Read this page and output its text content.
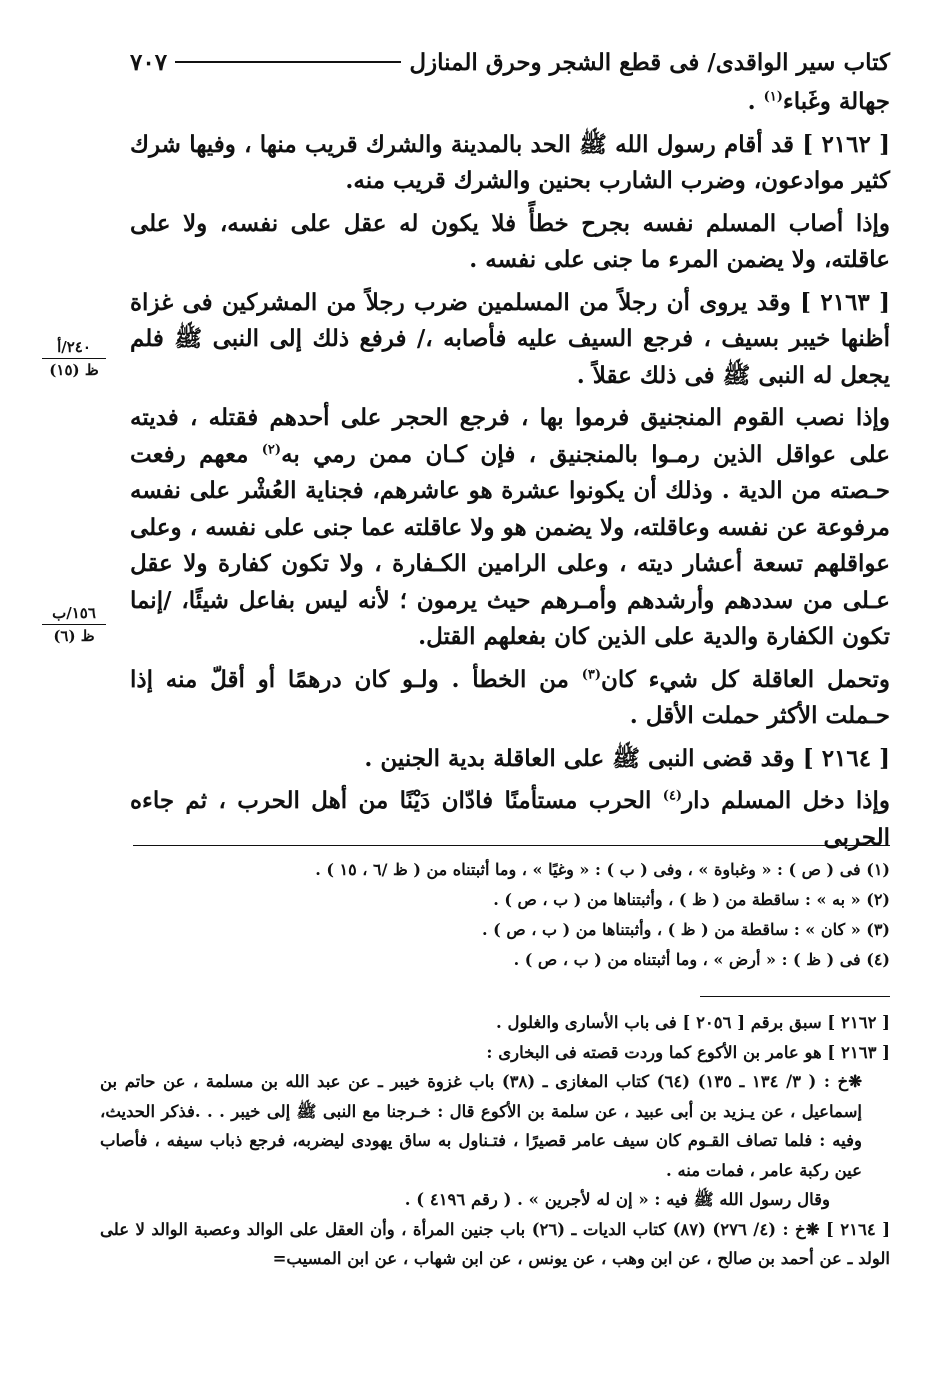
كتاب سير الواقدى/ فى قطع الشجر وحرق المنازل
٧٠٧

جهالة وغَباء$^{(١)}$ .

[ ٢١٦٢ ] قد أقام رسول الله ﷺ الحد بالمدينة والشرك قريب منها ، وفيها شرك كثير موادعون، وضرب الشارب بحنين والشرك قريب منه.

وإذا أصاب المسلم نفسه بجرح خطأً فلا يكون له عقل على نفسه، ولا على عاقلته، ولا يضمن المرء ما جنى على نفسه .

[ ٢١٦٣ ] وقد يروى أن رجلاً من المسلمين ضرب رجلاً من المشركين فى غزاة أظنها خيبر بسيف ، فرجع السيف عليه فأصابه ،/ فرفع ذلك إلى النبى ﷺ فلم يجعل له النبى ﷺ فى ذلك عقلاً .

وإذا نصب القوم المنجنيق فرموا بها ، فرجع الحجر على أحدهم فقتله ، فديته على عواقل الذين رمـوا بالمنجنيق ، فإن كـان ممن رمي به$^{(٢)}$ معهم رفعت حـصته من الدية . وذلك أن يكونوا عشرة هو عاشرهم، فجناية العُشْر على نفسه مرفوعة عن نفسه وعاقلته، ولا يضمن هو ولا عاقلته عما جنى على نفسه ، وعلى عواقلهم تسعة أعشار ديته ، وعلى الرامين الكـفارة ، ولا تكون كفارة ولا عقل عـلى من سددهم وأرشدهم وأمـرهم حيث يرمون ؛ لأنه ليس بفاعل شيئًا، /إنما تكون الكفارة والدية على الذين كان بفعلهم القتل.

وتحمل العاقلة كل شيء كان$^{(٣)}$ من الخطأ . ولـو كان درهمًا أو أقلّ منه إذا حـملت الأكثر حملت الأقل .

[ ٢١٦٤ ] وقد قضى النبى ﷺ على العاقلة بدية الجنين .

وإذا دخل المسلم دار$^{(٤)}$ الحرب مستأمنًا فادّان دَيْنًا من أهل الحرب ، ثم جاءه الحربى

٢٤٠/أ
ظ (١٥)
١٥٦/ب
ظ (٦)
(١) فى ( ص ) : « وغباوة » ، وفى ( ب ) : « وغيًا » ، وما أثبتناه من ( ظ /٦ ، ١٥ ) .
(٢) « به » : ساقطة من ( ظ ) ، وأثبتناها من ( ب ، ص ) .
(٣) « كان » : ساقطة من ( ظ ) ، وأثبتناها من ( ب ، ص ) .
(٤) فى ( ظ ) : « أرض » ، وما أثبتناه من ( ب ، ص ) .
[ ٢١٦٢ ] سبق برقم [ ٢٠٥٦ ] فى باب الأسارى والغلول .
[ ٢١٦٣ ] هو عامر بن الأكوع كما وردت قصته فى البخارى :
❋خ : ( ٣/ ١٣٤ ـ ١٣٥) (٦٤) كتاب المغازى ـ (٣٨) باب غزوة خيبر ـ عن عبد الله بن مسلمة ، عن حاتم بن إسماعيل ، عن يـزيد بن أبى عبيد ، عن سلمة بن الأكوع قال : خـرجنا مع النبى ﷺ إلى خيبر . . .فذكر الحديث، وفيه : فلما تصاف القـوم كان سيف عامر قصيرًا ، فتـناول به ساق يهودى ليضربه، فرجع ذباب سيفه ، فأصاب عين ركبة عامر ، فمات منه .
وقال رسول الله ﷺ فيه : « إن له لأجرين » . ( رقم ٤١٩٦ ) .
[ ٢١٦٤ ] ❋خ : (٤/ ٢٧٦) (٨٧) كتاب الديات ـ (٢٦) باب جنين المرأة ، وأن العقل على الوالد وعصبة الوالد لا على الولد ـ عن أحمد بن صالح ، عن ابن وهب ، عن يونس ، عن ابن شهاب ، عن ابن المسيب=
